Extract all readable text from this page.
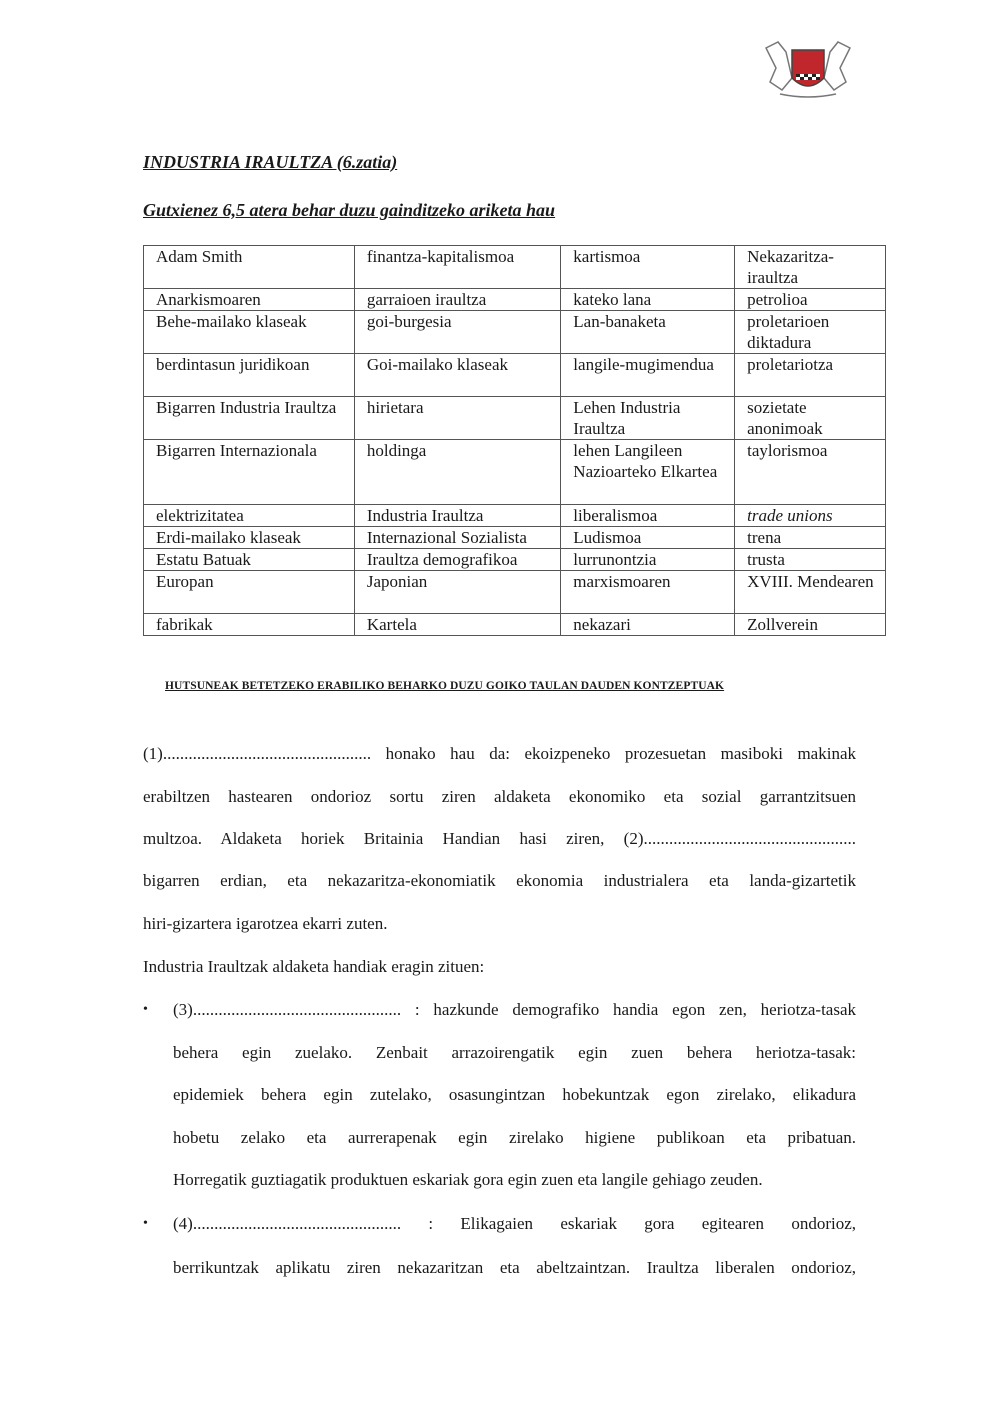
INDUSTRIA IRAULTZA (6.zatia)
Gutxienez 6,5 atera behar duzu gainditzeko ariketa hau
Adam Smith	finantza-kapitalismoa	kartismoa	Nekazaritza-iraultza
Anarkismoaren	garraioen iraultza	kateko lana	petrolioa
Behe-mailako klaseak	goi-burgesia	Lan-banaketa	proletarioen diktadura
berdintasun juridikoan	Goi-mailako klaseak	langile-mugimendua	proletariotza
Bigarren Industria Iraultza	hirietara	Lehen Industria Iraultza	sozietate anonimoak
Bigarren Internazionala	holdinga	lehen Langileen Nazioarteko Elkartea	taylorismoa
elektrizitatea	Industria Iraultza	liberalismoa	trade unions
Erdi-mailako klaseak	Internazional Sozialista	Ludismoa	trena
Estatu Batuak	Iraultza demografikoa	lurrunontzia	trusta
Europan	Japonian	marxismoaren	XVIII. Mendearen
fabrikak	Kartela	nekazari	Zollverein
HUTSUNEAK BETETZEKO ERABILIKO BEHARKO DUZU GOIKO TAULAN DAUDEN KONTZEPTUAK
(1)................................................. honako hau da: ekoizpeneko prozesuetan masiboki makinak
erabiltzen hastearen ondorioz sortu ziren aldaketa ekonomiko eta sozial garrantzitsuen
multzoa. Aldaketa horiek Britainia Handian hasi ziren, (2)..................................................
bigarren erdian, eta nekazaritza-ekonomiatik ekonomia industrialera eta landa-gizartetik
hiri-gizartera igarotzea ekarri zuten.
Industria Iraultzak aldaketa handiak eragin zituen:
(3)................................................. : hazkunde demografiko handia egon zen, heriotza-tasak
•
behera egin zuelako. Zenbait arrazoirengatik egin zuen behera heriotza-tasak:
epidemiek behera egin zutelako, osasungintzan hobekuntzak egon zirelako, elikadura
hobetu zelako eta aurrerapenak egin zirelako higiene publikoan eta pribatuan.
Horregatik guztiagatik produktuen eskariak gora egin zuen eta langile gehiago zeuden.
(4)................................................. : Elikagaien eskariak gora egitearen ondorioz,
•
berrikuntzak aplikatu ziren nekazaritzan eta abeltzaintzan. Iraultza liberalen ondorioz,
